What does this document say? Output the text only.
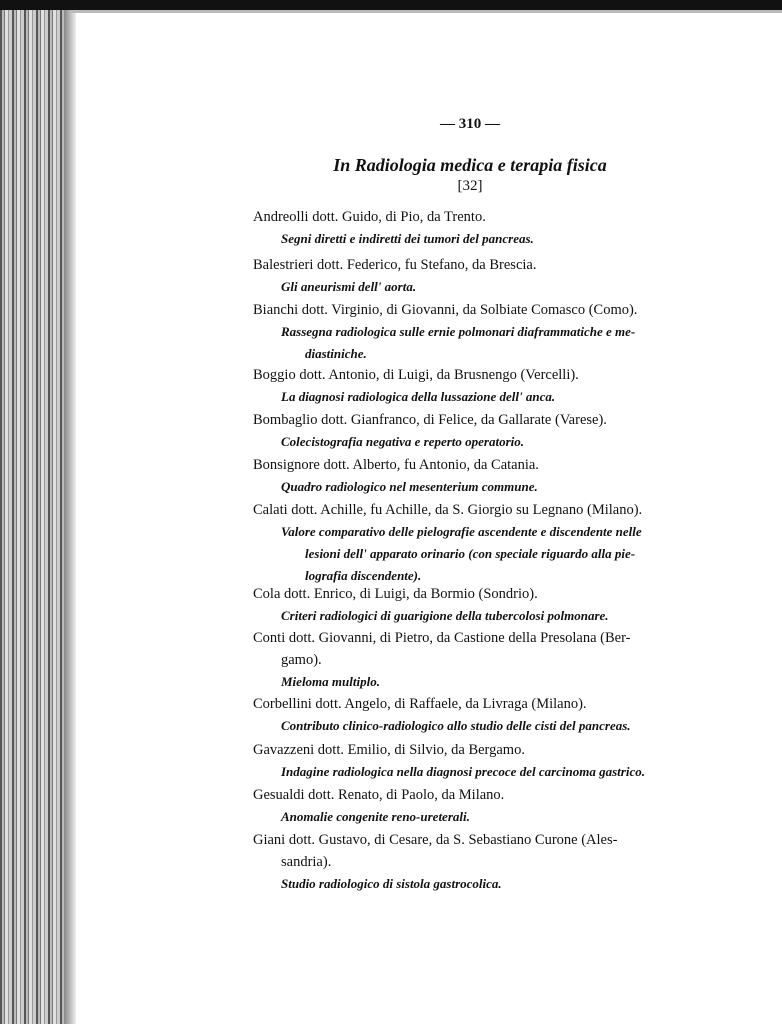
— 310 —
In Radiologia medica e terapia fisica
[32]
Andreolli dott. Guido, di Pio, da Trento.
Segni diretti e indiretti dei tumori del pancreas.
Balestrieri dott. Federico, fu Stefano, da Brescia.
Gli aneurismi dell' aorta.
Bianchi dott. Virginio, di Giovanni, da Solbiate Comasco (Como).
Rassegna radiologica sulle ernie polmonari diaframmatiche e me-
diastiniche.
Boggio dott. Antonio, di Luigi, da Brusnengo (Vercelli).
La diagnosi radiologica della lussazione dell' anca.
Bombaglio dott. Gianfranco, di Felice, da Gallarate (Varese).
Colecistografia negativa e reperto operatorio.
Bonsignore dott. Alberto, fu Antonio, da Catania.
Quadro radiologico nel mesenterium commune.
Calati dott. Achille, fu Achille, da S. Giorgio su Legnano (Milano).
Valore comparativo delle pielografie ascendente e discendente nelle
lesioni dell' apparato orinario (con speciale riguardo alla pie-
lografia discendente).
Cola dott. Enrico, di Luigi, da Bormio (Sondrio).
Criteri radiologici di guarigione della tubercolosi polmonare.
Conti dott. Giovanni, di Pietro, da Castione della Presolana (Ber-
gamo).
Mieloma multiplo.
Corbellini dott. Angelo, di Raffaele, da Livraga (Milano).
Contributo clinico-radiologico allo studio delle cisti del pancreas.
Gavazzeni dott. Emilio, di Silvio, da Bergamo.
Indagine radiologica nella diagnosi precoce del carcinoma gastrico.
Gesualdi dott. Renato, di Paolo, da Milano.
Anomalie congenite reno-ureterali.
Giani dott. Gustavo, di Cesare, da S. Sebastiano Curone (Ales-
sandria).
Studio radiologico di sistola gastrocolica.
